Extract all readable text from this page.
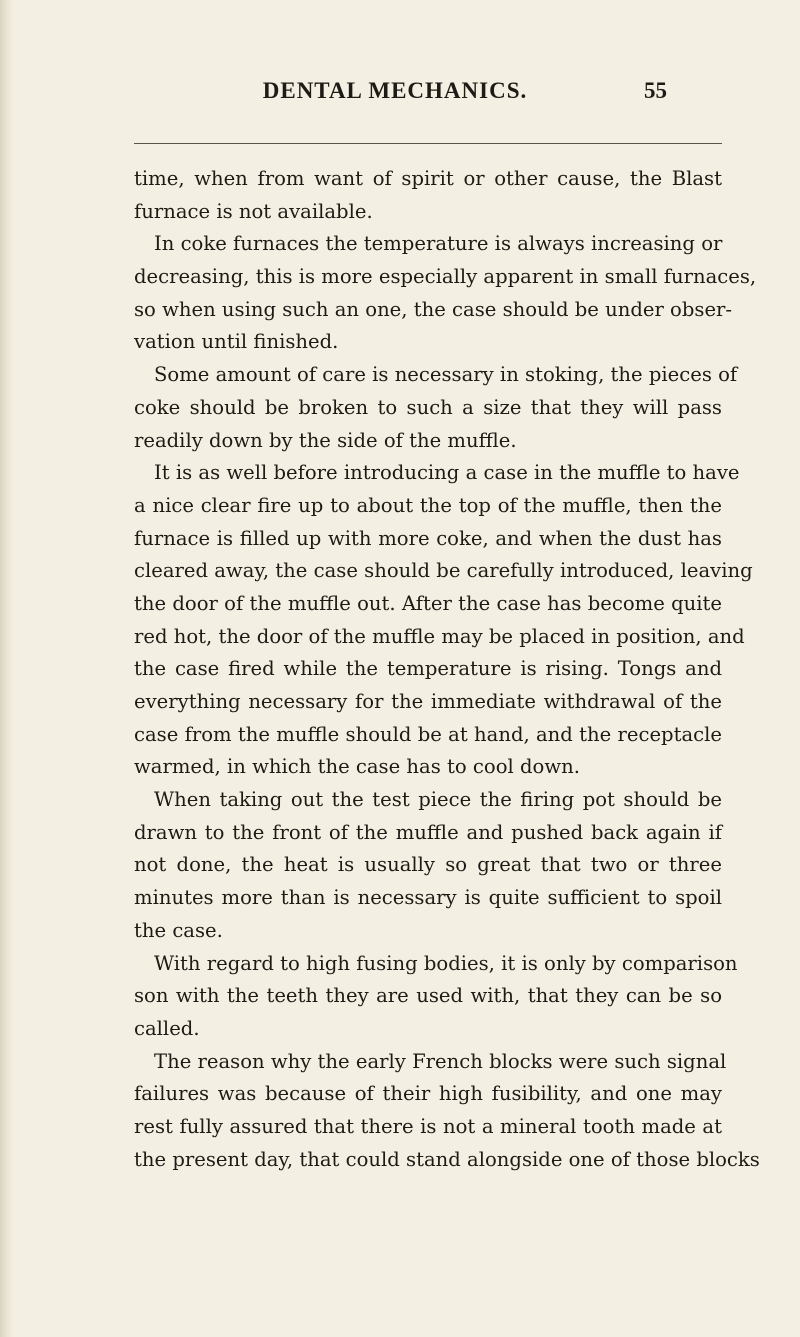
DENTAL MECHANICS.	55
time, when from want of spirit or other cause, the Blast
furnace is not available.
In coke furnaces the temperature is always increasing or
decreasing, this is more especially apparent in small furnaces,
so when using such an one, the case should be under obser-
vation until finished.
Some amount of care is necessary in stoking, the pieces of
coke should be broken to such a size that they will pass
readily down by the side of the muffle.
It is as well before introducing a case in the muffle to have
a nice clear fire up to about the top of the muffle, then the
furnace is filled up with more coke, and when the dust has
cleared away, the case should be carefully introduced, leaving
the door of the muffle out. After the case has become quite
red hot, the door of the muffle may be placed in position, and
the case fired while the temperature is rising. Tongs and
everything necessary for the immediate withdrawal of the
case from the muffle should be at hand, and the receptacle
warmed, in which the case has to cool down.
When taking out the test piece the firing pot should be
drawn to the front of the muffle and pushed back again if
not done, the heat is usually so great that two or three
minutes more than is necessary is quite sufficient to spoil
the case.
With regard to high fusing bodies, it is only by comparison
son with the teeth they are used with, that they can be so
called.
The reason why the early French blocks were such signal
failures was because of their high fusibility, and one may
rest fully assured that there is not a mineral tooth made at
the present day, that could stand alongside one of those blocks
